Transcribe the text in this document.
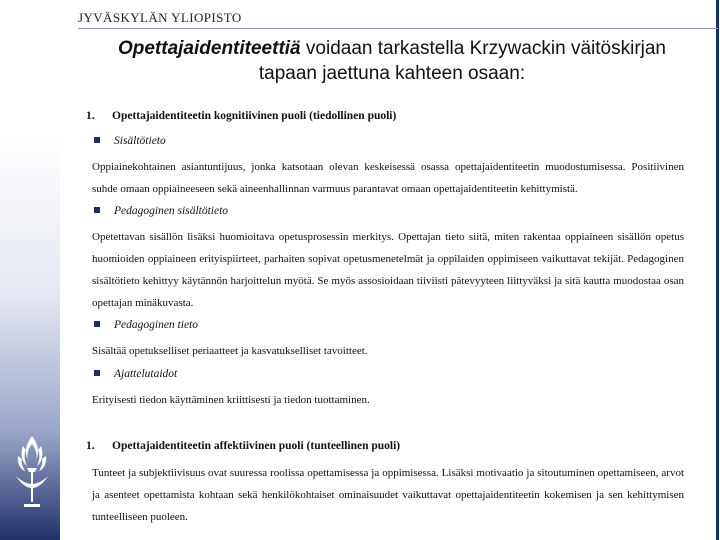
JYVÄSKYLÄN YLIOPISTO
Opettajaidentiteettiä voidaan tarkastella Krzywackin väitöskirjan tapaan jaettuna kahteen osaan:
1. Opettajaidentiteetin kognitiivinen puoli (tiedollinen puoli)
Sisältötieto
Oppiainekohtainen asiantuntijuus, jonka katsotaan olevan keskeisessä osassa opettajaidentiteetin muodostumisessa. Positiivinen suhde omaan oppiaineeseen sekä aineenhallinnan varmuus parantavat omaan opettajaidentiteetin kehittymistä.
Pedagoginen sisältötieto
Opetettavan sisällön lisäksi huomioitava opetusprosessin merkitys. Opettajan tieto siitä, miten rakentaa oppiaineen sisällön opetus huomioiden oppiaineen erityispiirteet, parhaiten sopivat opetusmenetelmät ja oppilaiden oppimiseen vaikuttavat tekijät. Pedagoginen sisältötieto kehittyy käytännön harjoittelun myötä. Se myös assosioidaan tiiviisti pätevyyteen liittyväksi ja sitä kautta muodostaa osan opettajan minäkuvasta.
Pedagoginen tieto
Sisältää opetukselliset periaatteet ja kasvatukselliset tavoitteet.
Ajattelutaidot
Erityisesti tiedon käyttäminen kriittisesti ja tiedon tuottaminen.
1. Opettajaidentiteetin affektiivinen puoli (tunteellinen puoli)
Tunteet ja subjektiivisuus ovat suuressa roolissa opettamisessa ja oppimisessa. Lisäksi motivaatio ja sitoutuminen opettamiseen, arvot ja asenteet opettamista kohtaan sekä henkilökohtaiset ominaisuudet vaikuttavat opettajaidentiteetin kokemisen ja sen kehittymisen tunteelliseen puoleen.
